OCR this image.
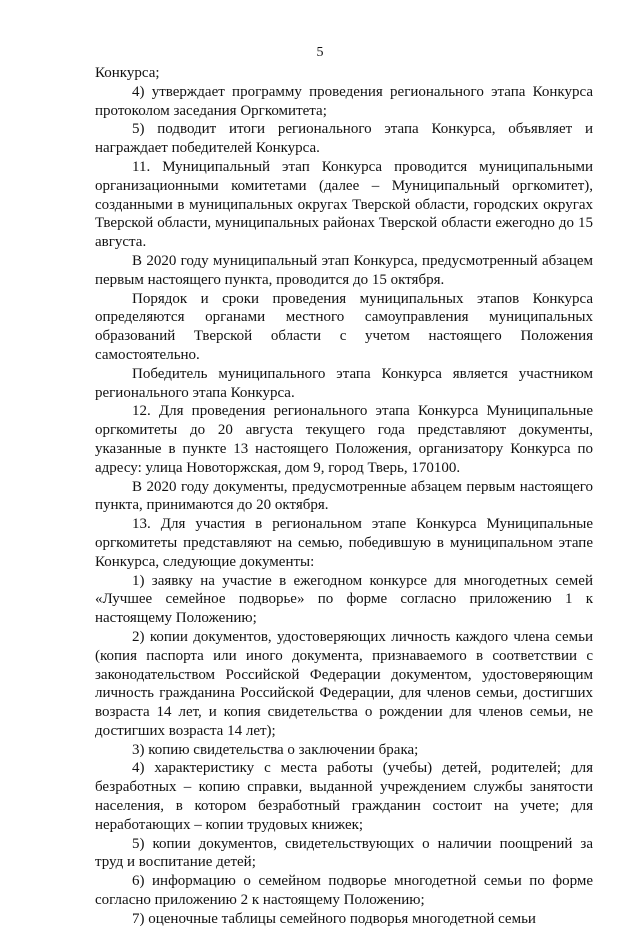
5

Конкурса;

4) утверждает программу проведения регионального этапа Конкурса протоколом заседания Оргкомитета;

5) подводит итоги регионального этапа Конкурса, объявляет и награждает победителей Конкурса.

11. Муниципальный этап Конкурса проводится муниципальными организационными комитетами (далее – Муниципальный оргкомитет), созданными в муниципальных округах Тверской области, городских округах Тверской области, муниципальных районах Тверской области ежегодно до 15 августа.

В 2020 году муниципальный этап Конкурса, предусмотренный абзацем первым настоящего пункта, проводится до 15 октября.

Порядок и сроки проведения муниципальных этапов Конкурса определяются органами местного самоуправления муниципальных образований Тверской области с учетом настоящего Положения самостоятельно.

Победитель муниципального этапа Конкурса является участником регионального этапа Конкурса.

12. Для проведения регионального этапа Конкурса Муниципальные оргкомитеты до 20 августа текущего года представляют документы, указанные в пункте 13 настоящего Положения, организатору Конкурса по адресу: улица Новоторжская, дом 9, город Тверь, 170100.

В 2020 году документы, предусмотренные абзацем первым настоящего пункта, принимаются до 20 октября.

13. Для участия в региональном этапе Конкурса Муниципальные оргкомитеты представляют на семью, победившую в муниципальном этапе Конкурса, следующие документы:

1) заявку на участие в ежегодном конкурсе для многодетных семей «Лучшее семейное подворье» по форме согласно приложению 1 к настоящему Положению;

2) копии документов, удостоверяющих личность каждого члена семьи (копия паспорта или иного документа, признаваемого в соответствии с законодательством Российской Федерации документом, удостоверяющим личность гражданина Российской Федерации, для членов семьи, достигших возраста 14 лет, и копия свидетельства о рождении для членов семьи, не достигших возраста 14 лет);

3) копию свидетельства о заключении брака;

4) характеристику с места работы (учебы) детей, родителей; для безработных – копию справки, выданной учреждением службы занятости населения, в котором безработный гражданин состоит на учете; для неработающих – копии трудовых книжек;

5) копии документов, свидетельствующих о наличии поощрений за труд и воспитание детей;

6) информацию о семейном подворье многодетной семьи по форме согласно приложению 2 к настоящему Положению;

7) оценочные таблицы семейного подворья многодетной семьи
